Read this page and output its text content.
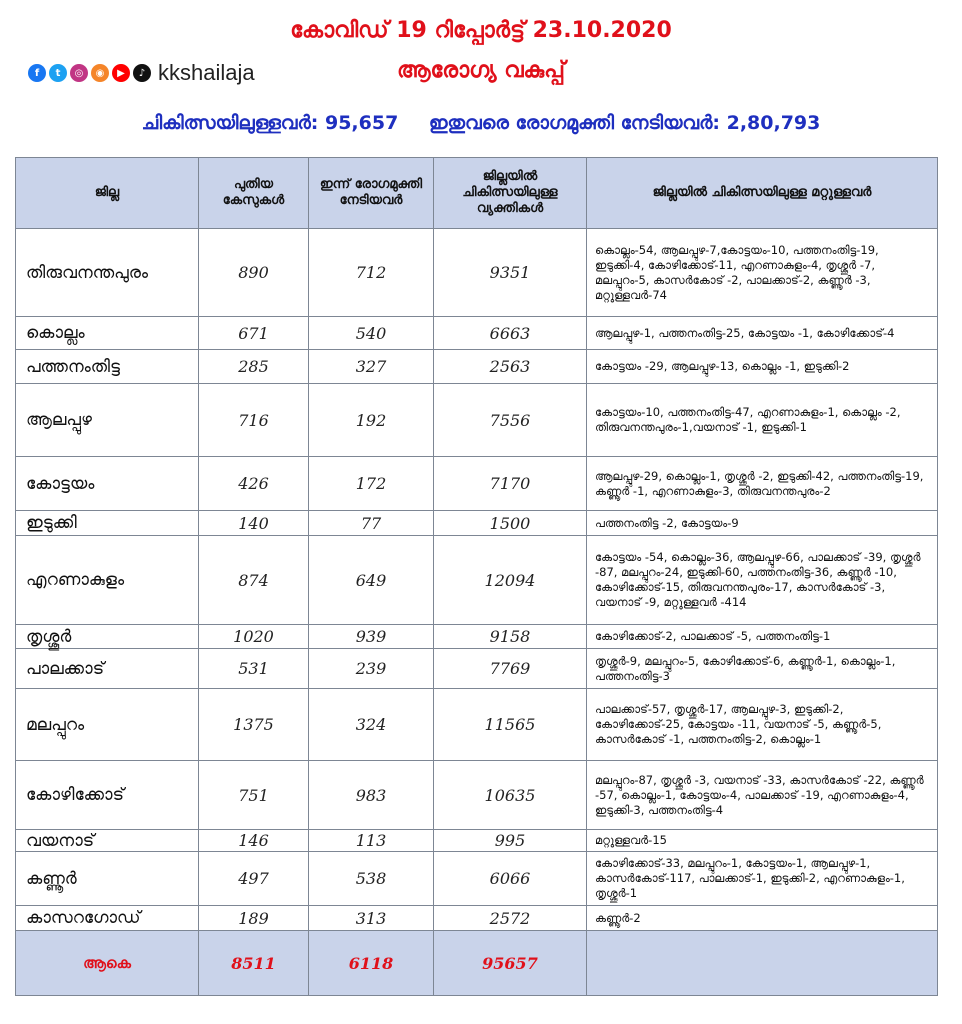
കോവിഡ് 19 റിപ്പോർട്ട് 23.10.2020
f	t	◎	◉	▶	♪ kkshailaja	ആരോഗ്യ വകുപ്പ്
ചികിത്സയിലുള്ളവർ: 95,657 ഇതുവരെ രോഗമുക്തി നേടിയവർ: 2,80,793
ജില്ല	പുതിയ കേസുകൾ	ഇന്ന് രോഗമുക്തി നേടിയവർ	ജില്ലയിൽ ചികിത്സയിലുള്ള വ്യക്തികൾ	ജില്ലയിൽ ചികിത്സയിലുള്ള മറ്റുള്ളവർ
തിരുവനന്തപുരം	890	712	9351	കൊല്ലം-54, ആലപ്പുഴ-7,കോട്ടയം-10, പത്തനംതിട്ട-19, ഇടുക്കി-4, കോഴിക്കോട്-11, എറണാകുളം-4, തൃശ്ശൂർ -7, മലപ്പുറം-5, കാസർകോട് -2, പാലക്കാട്-2, കണ്ണൂർ -3, മറ്റുള്ളവർ-74
കൊല്ലം	671	540	6663	ആലപ്പുഴ-1, പത്തനംതിട്ട-25, കോട്ടയം -1, കോഴിക്കോട്-4
പത്തനംതിട്ട	285	327	2563	കോട്ടയം -29, ആലപ്പുഴ-13, കൊല്ലം -1, ഇടുക്കി-2
ആലപ്പുഴ	716	192	7556	കോട്ടയം-10, പത്തനംതിട്ട-47, എറണാകുളം-1, കൊല്ലം -2, തിരുവനന്തപുരം-1,വയനാട് -1, ഇടുക്കി-1
കോട്ടയം	426	172	7170	ആലപ്പുഴ-29, കൊല്ലം-1, തൃശ്ശൂർ -2, ഇടുക്കി-42, പത്തനംതിട്ട-19, കണ്ണൂർ -1, എറണാകുളം-3, തിരുവനന്തപുരം-2
ഇടുക്കി	140	77	1500	പത്തനംതിട്ട -2, കോട്ടയം-9
എറണാകുളം	874	649	12094	കോട്ടയം -54, കൊല്ലം-36, ആലപ്പുഴ-66, പാലക്കാട് -39, തൃശ്ശൂർ -87, മലപ്പുറം-24, ഇടുക്കി-60, പത്തനംതിട്ട-36, കണ്ണൂർ -10, കോഴിക്കോട്-15, തിരുവനന്തപുരം-17, കാസർകോട് -3, വയനാട് -9, മറ്റുള്ളവർ -414
തൃശ്ശൂർ	1020	939	9158	കോഴിക്കോട്-2, പാലക്കാട് -5, പത്തനംതിട്ട-1
പാലക്കാട്	531	239	7769	തൃശ്ശൂർ-9, മലപ്പുറം-5, കോഴിക്കോട്-6, കണ്ണൂർ-1, കൊല്ലം-1, പത്തനംതിട്ട-3
മലപ്പുറം	1375	324	11565	പാലക്കാട്-57, തൃശ്ശൂർ-17, ആലപ്പുഴ-3, ഇടുക്കി-2, കോഴിക്കോട്-25, കോട്ടയം -11, വയനാട് -5, കണ്ണൂർ-5, കാസർകോട് -1, പത്തനംതിട്ട-2, കൊല്ലം-1
കോഴിക്കോട്	751	983	10635	മലപ്പുറം-87, തൃശ്ശൂർ -3, വയനാട് -33, കാസർകോട് -22, കണ്ണൂർ -57, കൊല്ലം-1, കോട്ടയം-4, പാലക്കാട് -19, എറണാകുളം-4, ഇടുക്കി-3, പത്തനംതിട്ട-4
വയനാട്	146	113	995	മറ്റുള്ളവർ-15
കണ്ണൂർ	497	538	6066	കോഴിക്കോട്-33, മലപ്പുറം-1, കോട്ടയം-1, ആലപ്പുഴ-1, കാസർകോട്-117, പാലക്കാട്-1, ഇടുക്കി-2, എറണാകുളം-1, തൃശ്ശൂർ-1
കാസറഗോഡ്	189	313	2572	കണ്ണൂർ-2
ആകെ	8511	6118	95657	
